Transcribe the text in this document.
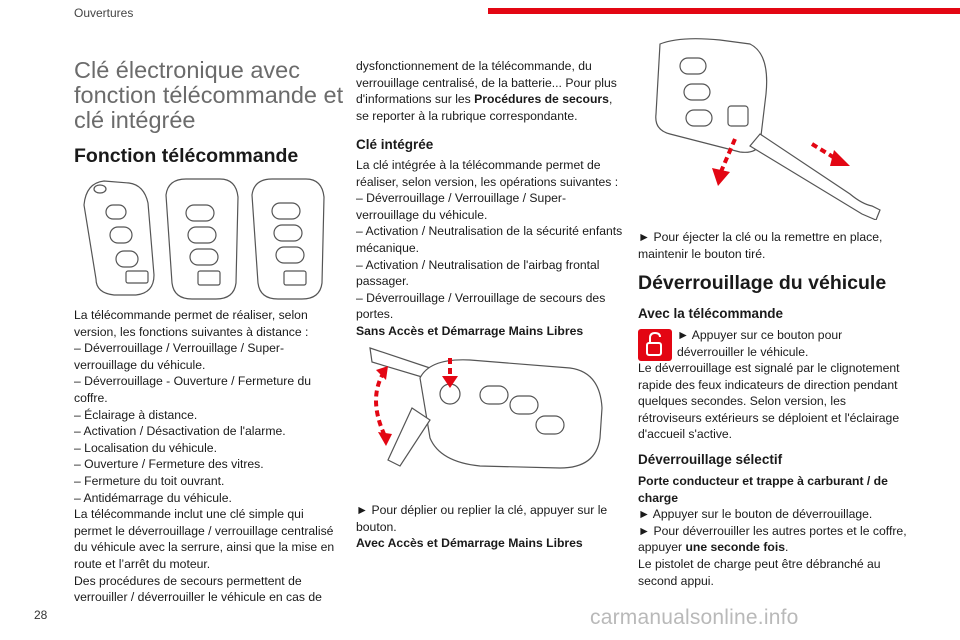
Ouvertures
Clé électronique avec fonction télécommande et clé intégrée
Fonction télécommande

La télécommande permet de réaliser, selon version, les fonctions suivantes à distance :

– Déverrouillage / Verrouillage / Super-verrouillage du véhicule.

– Déverrouillage - Ouverture / Fermeture du coffre.

– Éclairage à distance.

– Activation / Désactivation de l'alarme.

– Localisation du véhicule.

– Ouverture / Fermeture des vitres.

– Fermeture du toit ouvrant.

– Antidémarrage du véhicule.

La télécommande inclut une clé simple qui permet le déverrouillage / verrouillage centralisé du véhicule avec la serrure, ainsi que la mise en route et l’arrêt du moteur.

Des procédures de secours permettent de verrouiller / déverrouiller le véhicule en cas de

dysfonctionnement de la télécommande, du verrouillage centralisé, de la batterie... Pour plus d'informations sur les Procédures de secours, se reporter à la rubrique correspondante.

Clé intégrée

La clé intégrée à la télécommande permet de réaliser, selon version, les opérations suivantes :

– Déverrouillage / Verrouillage / Super-verrouillage du véhicule.

– Activation / Neutralisation de la sécurité enfants mécanique.

– Activation / Neutralisation de l'airbag frontal passager.

– Déverrouillage / Verrouillage de secours des portes.

Sans Accès et Démarrage Mains Libres

► Pour déplier ou replier la clé, appuyer sur le bouton.

Avec Accès et Démarrage Mains Libres

► Pour éjecter la clé ou la remettre en place, maintenir le bouton tiré.

Déverrouillage du véhicule
Avec la télécommande

► Appuyer sur ce bouton pour déverrouiller le véhicule.

Le déverrouillage est signalé par le clignotement rapide des feux indicateurs de direction pendant quelques secondes. Selon version, les rétroviseurs extérieurs se déploient et l'éclairage d'accueil s'active.

Déverrouillage sélectif

Porte conducteur et trappe à carburant / de charge

► Appuyer sur le bouton de déverrouillage.

► Pour déverrouiller les autres portes et le coffre, appuyer une seconde fois.

Le pistolet de charge peut être débranché au second appui.

28	carmanualsonline.info
